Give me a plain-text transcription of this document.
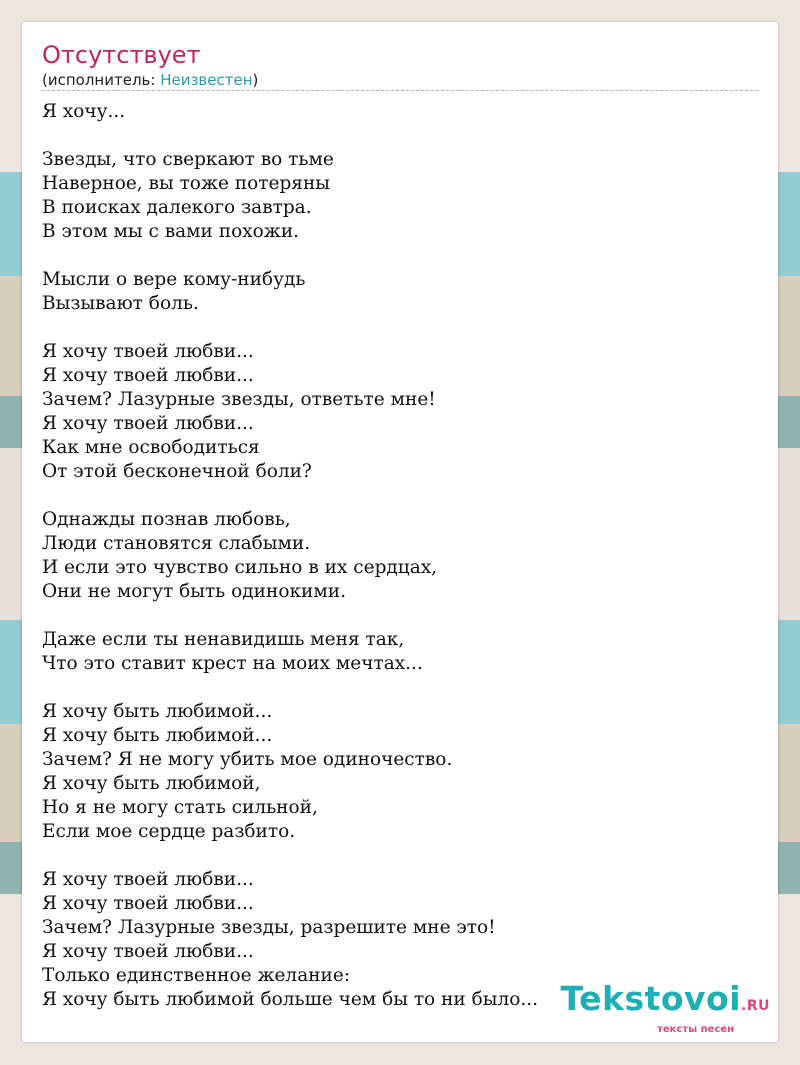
Отсутствует
(исполнитель: Неизвестен)
Я хочу...
Звезды, что сверкают во тьме
Наверное, вы тоже потеряны
В поисках далекого завтра.
В этом мы с вами похожи.
Мысли о вере кому-нибудь
Вызывают боль.
Я хочу твоей любви...
Я хочу твоей любви...
Зачем? Лазурные звезды, ответьте мне!
Я хочу твоей любви...
Как мне освободиться
От этой бесконечной боли?
Однажды познав любовь,
Люди становятся слабыми.
И если это чувство сильно в их сердцах,
Они не могут быть одинокими.
Даже если ты ненавидишь меня так,
Что это ставит крест на моих мечтах...
Я хочу быть любимой...
Я хочу быть любимой...
Зачем? Я не могу убить мое одиночество.
Я хочу быть любимой,
Но я не могу стать сильной,
Если мое сердце разбито.
Я хочу твоей любви...
Я хочу твоей любви...
Зачем? Лазурные звезды, разрешите мне это!
Я хочу твоей любви...
Только единственное желание:
Я хочу быть любимой больше чем бы то ни было... Tekstovoi.RU
тексты песен
